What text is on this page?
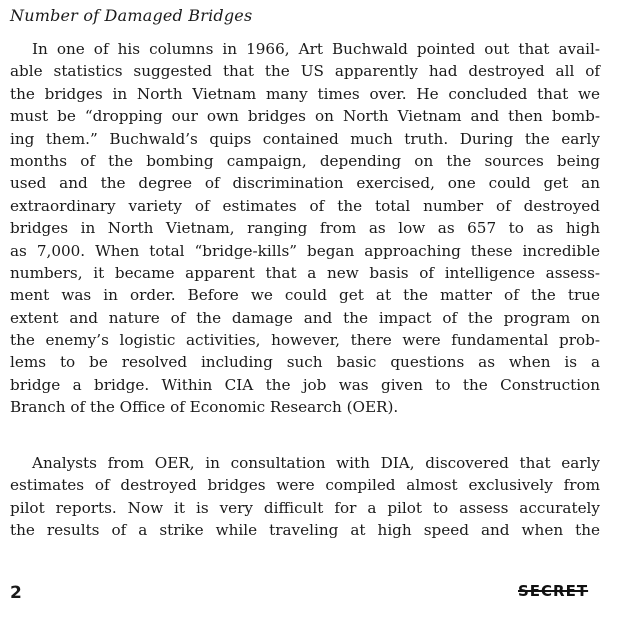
Number of Damaged Bridges
In one of his columns in 1966, Art Buchwald pointed out that avail-
able statistics suggested that the US apparently had destroyed all of
the bridges in North Vietnam many times over. He concluded that we
must be “dropping our own bridges on North Vietnam and then bomb-
ing them.” Buchwald’s quips contained much truth. During the early
months of the bombing campaign, depending on the sources being
used and the degree of discrimination exercised, one could get an
extraordinary variety of estimates of the total number of destroyed
bridges in North Vietnam, ranging from as low as 657 to as high
as 7,000. When total “bridge-kills” began approaching these incredible
numbers, it became apparent that a new basis of intelligence assess-
ment was in order. Before we could get at the matter of the true
extent and nature of the damage and the impact of the program on
the enemy’s logistic activities, however, there were fundamental prob-
lems to be resolved including such basic questions as when is a
bridge a bridge. Within CIA the job was given to the Construction
Branch of the Office of Economic Research (OER).
Analysts from OER, in consultation with DIA, discovered that early
estimates of destroyed bridges were compiled almost exclusively from
pilot reports. Now it is very difficult for a pilot to assess accurately
the results of a strike while traveling at high speed and when the
2	SECRET
